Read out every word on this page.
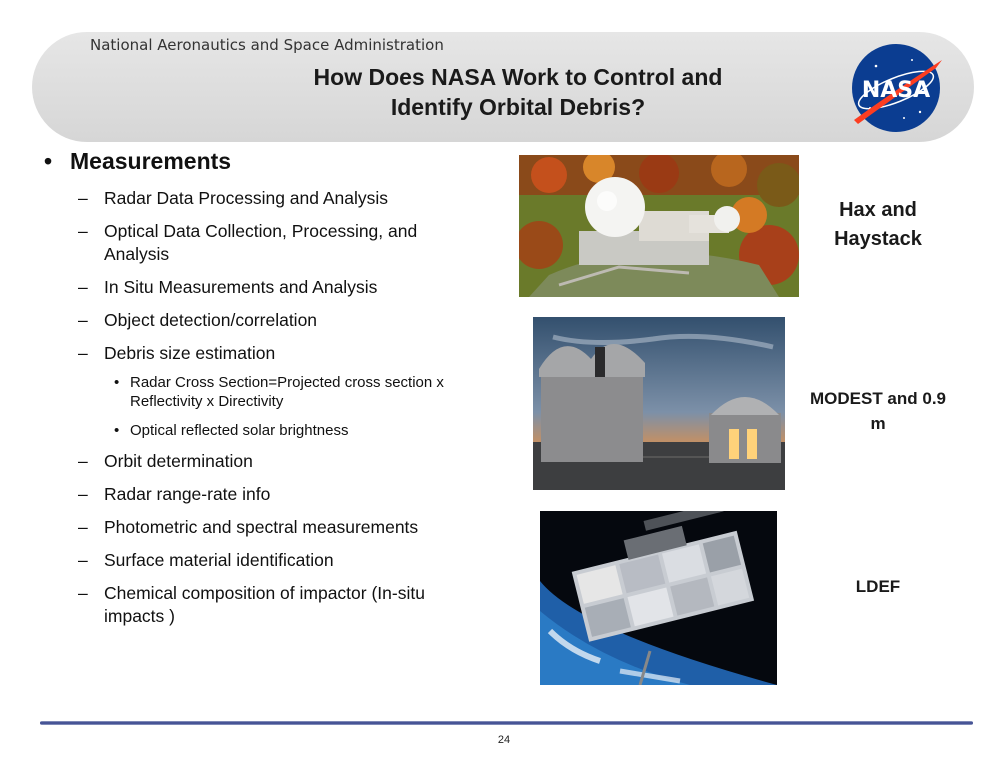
National Aeronautics and Space Administration
How Does NASA Work to Control and
Identify Orbital Debris?
NASA
• Measurements
– Radar Data Processing and Analysis
– Optical Data Collection, Processing, and Analysis
– In Situ Measurements and Analysis
– Object detection/correlation
– Debris size estimation
• Radar Cross Section=Projected cross section x Reflectivity x Directivity
• Optical reflected solar brightness
– Orbit determination
– Radar range-rate info
– Photometric and spectral measurements
– Surface material identification
– Chemical composition of impactor (In-situ impacts )
Hax and Haystack
MODEST and 0.9 m
LDEF
24
